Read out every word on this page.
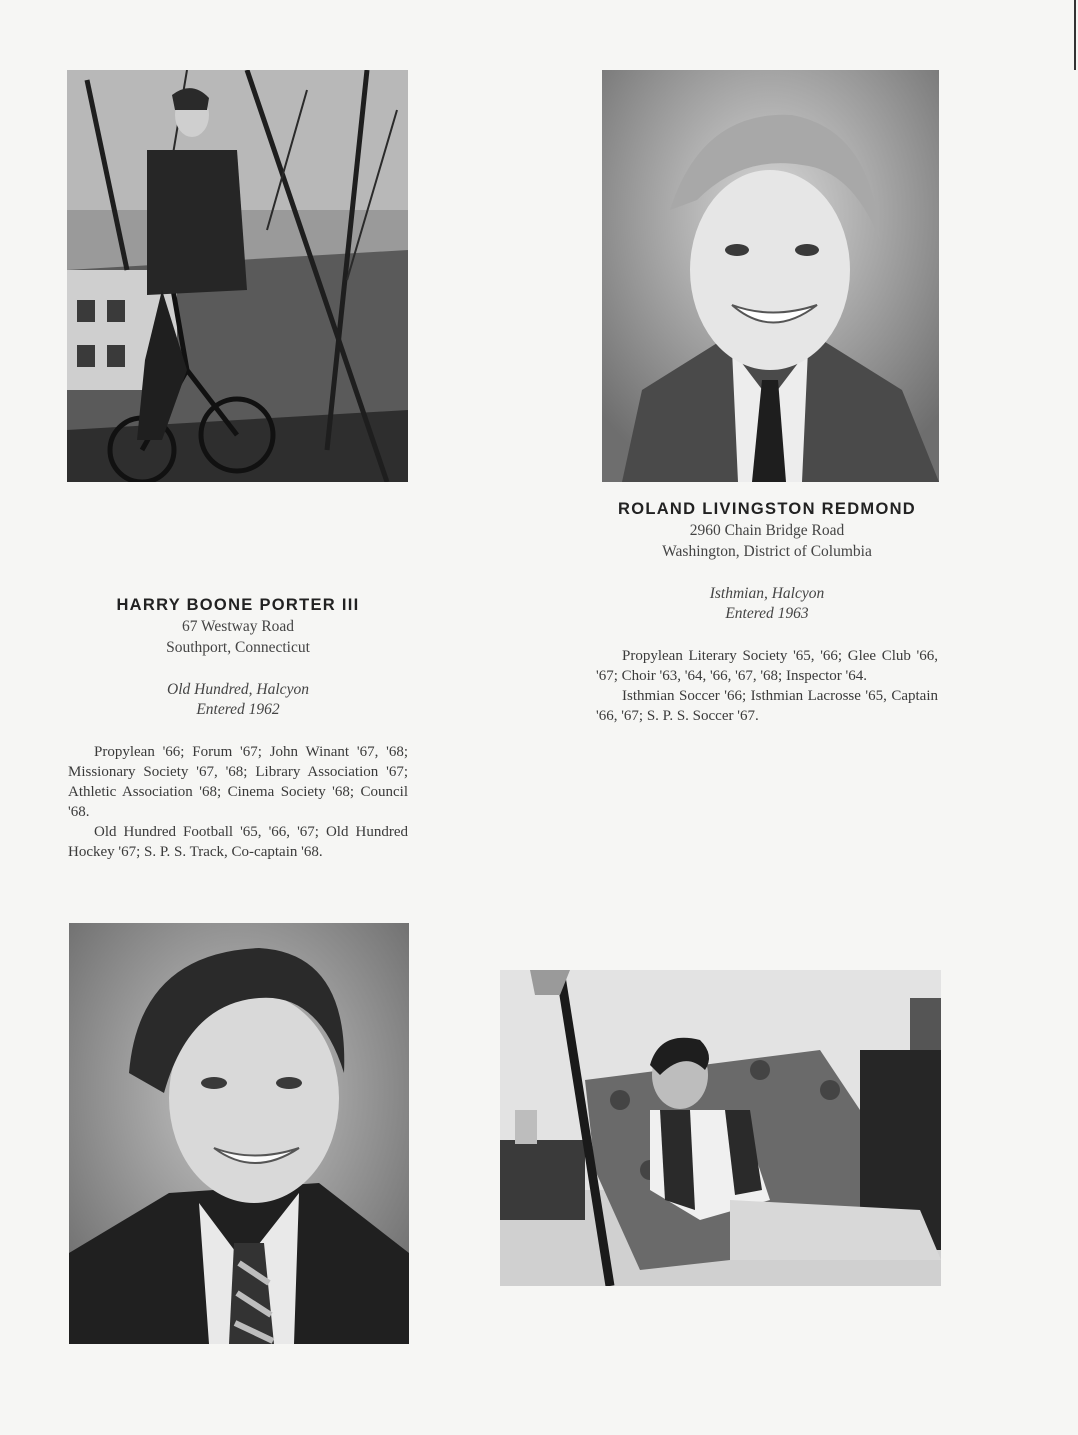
HARRY BOONE PORTER III
67 Westway Road
Southport, Connecticut
Old Hundred, Halcyon
Entered 1962

Propylean '66; Forum '67; John Winant '67, '68; Missionary Society '67, '68; Library Association '67; Athletic Association '68; Cinema Society '68; Council '68.

Old Hundred Football '65, '66, '67; Old Hundred Hockey '67; S. P. S. Track, Co-captain '68.

ROLAND LIVINGSTON REDMOND
2960 Chain Bridge Road
Washington, District of Columbia
Isthmian, Halcyon
Entered 1963

Propylean Literary Society '65, '66; Glee Club '66, '67; Choir '63, '64, '66, '67, '68; Inspector '64.

Isthmian Soccer '66; Isthmian Lacrosse '65, Captain '66, '67; S. P. S. Soccer '67.
